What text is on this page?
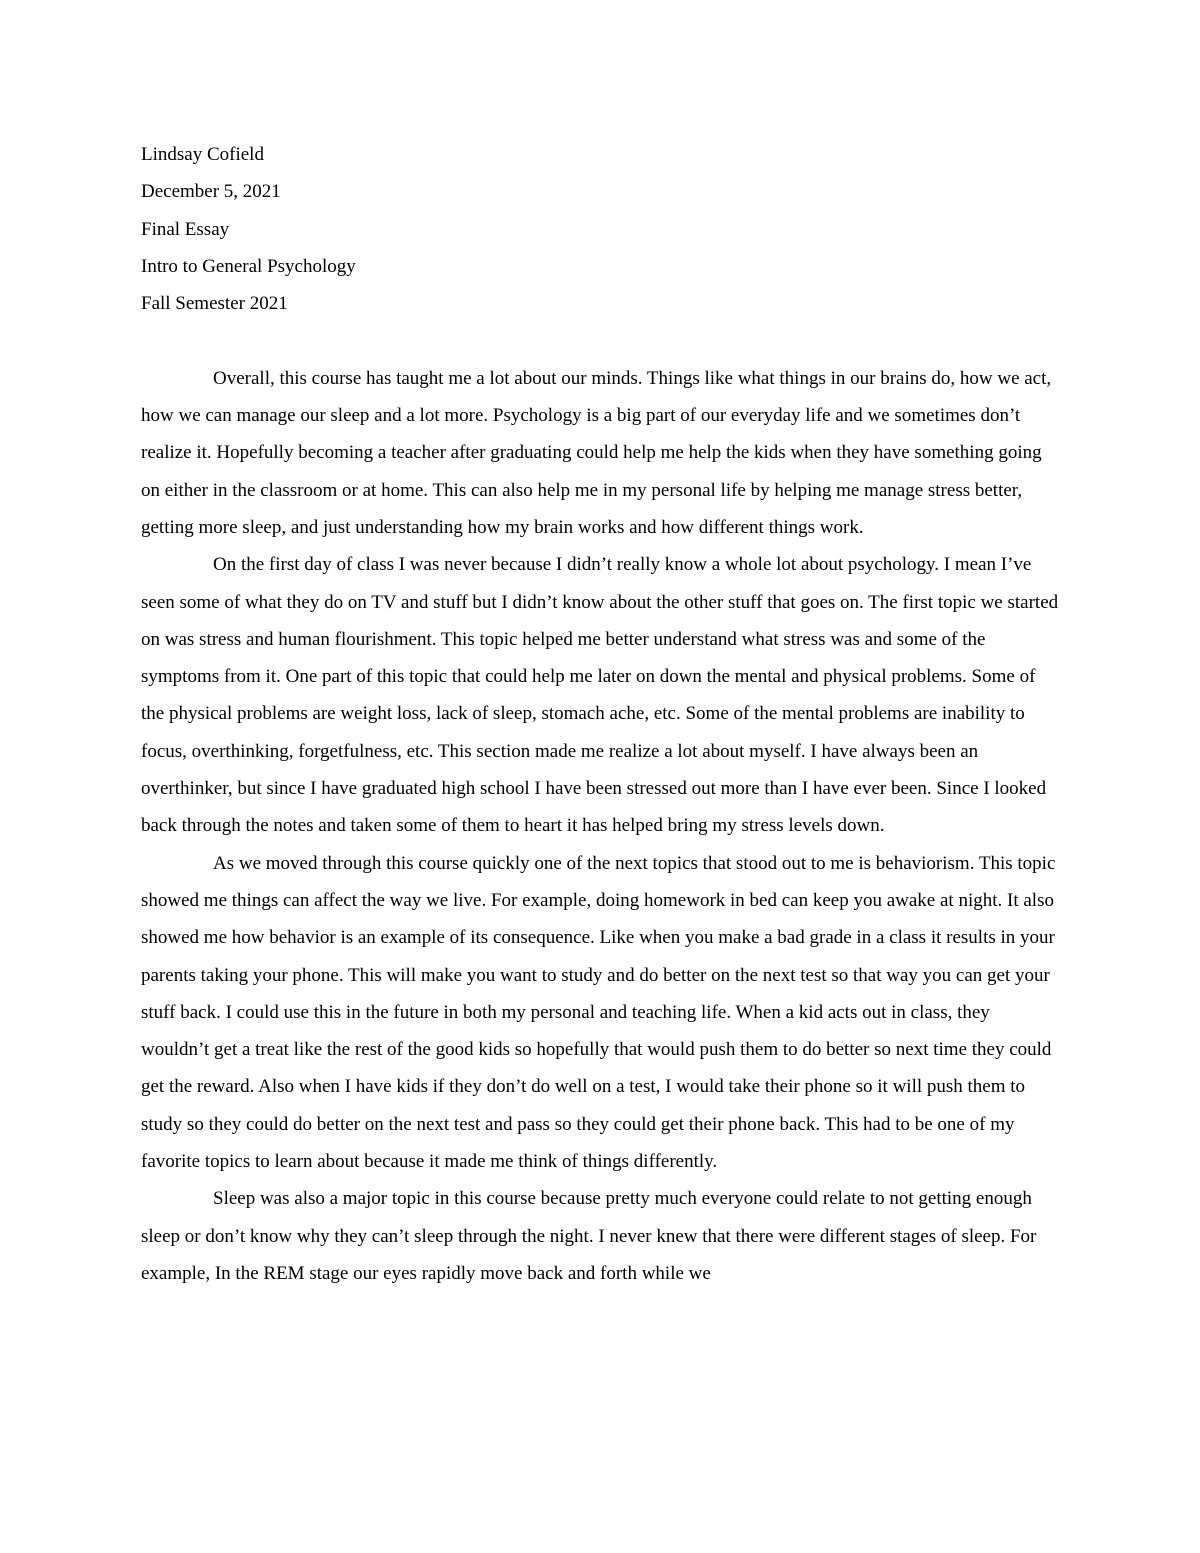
Lindsay Cofield
December 5, 2021
Final Essay
Intro to General Psychology
Fall Semester 2021

Overall, this course has taught me a lot about our minds. Things like what things in our brains do, how we act, how we can manage our sleep and a lot more. Psychology is a big part of our everyday life and we sometimes don’t realize it. Hopefully becoming a teacher after graduating could help me help the kids when they have something going on either in the classroom or at home. This can also help me in my personal life by helping me manage stress better, getting more sleep, and just understanding how my brain works and how different things work.

On the first day of class I was never because I didn’t really know a whole lot about psychology. I mean I’ve seen some of what they do on TV and stuff but I didn’t know about the other stuff that goes on. The first topic we started on was stress and human flourishment. This topic helped me better understand what stress was and some of the symptoms from it. One part of this topic that could help me later on down the mental and physical problems. Some of the physical problems are weight loss, lack of sleep, stomach ache, etc. Some of the mental problems are inability to focus, overthinking, forgetfulness, etc. This section made me realize a lot about myself. I have always been an overthinker, but since I have graduated high school I have been stressed out more than I have ever been. Since I looked back through the notes and taken some of them to heart it has helped bring my stress levels down.

As we moved through this course quickly one of the next topics that stood out to me is behaviorism. This topic showed me things can affect the way we live. For example, doing homework in bed can keep you awake at night. It also showed me how behavior is an example of its consequence. Like when you make a bad grade in a class it results in your parents taking your phone. This will make you want to study and do better on the next test so that way you can get your stuff back. I could use this in the future in both my personal and teaching life. When a kid acts out in class, they wouldn’t get a treat like the rest of the good kids so hopefully that would push them to do better so next time they could get the reward. Also when I have kids if they don’t do well on a test, I would take their phone so it will push them to study so they could do better on the next test and pass so they could get their phone back. This had to be one of my favorite topics to learn about because it made me think of things differently.

Sleep was also a major topic in this course because pretty much everyone could relate to not getting enough sleep or don’t know why they can’t sleep through the night. I never knew that there were different stages of sleep. For example, In the REM stage our eyes rapidly move back and forth while we
